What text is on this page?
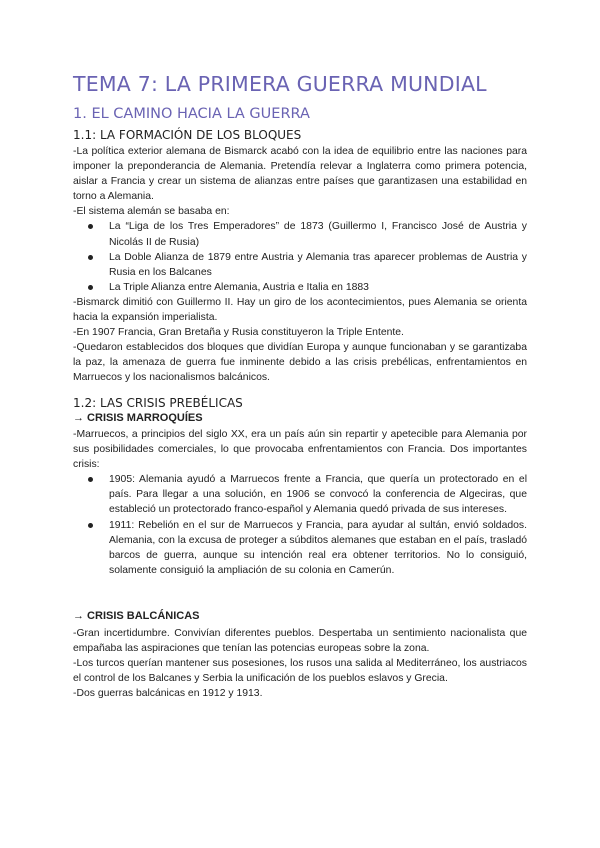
TEMA 7: LA PRIMERA GUERRA MUNDIAL
1. EL CAMINO HACIA LA GUERRA
1.1: LA FORMACIÓN DE LOS BLOQUES

-La política exterior alemana de Bismarck acabó con la idea de equilibrio entre las naciones para imponer la preponderancia de Alemania. Pretendía relevar a Inglaterra como primera potencia, aislar a Francia y crear un sistema de alianzas entre países que garantizasen una estabilidad en torno a Alemania.

-El sistema alemán se basaba en:

La “Liga de los Tres Emperadores” de 1873 (Guillermo I, Francisco José de Austria y Nicolás II de Rusia)
La Doble Alianza de 1879 entre Austria y Alemania tras aparecer problemas de Austria y Rusia en los Balcanes
La Triple Alianza entre Alemania, Austria e Italia en 1883

-Bismarck dimitió con Guillermo II. Hay un giro de los acontecimientos, pues Alemania se orienta hacia la expansión imperialista.

-En 1907 Francia, Gran Bretaña y Rusia constituyeron la Triple Entente.

-Quedaron establecidos dos bloques que dividían Europa y aunque funcionaban y se garantizaba la paz, la amenaza de guerra fue inminente debido a las crisis prebélicas, enfrentamientos en Marruecos y los nacionalismos balcánicos.

1.2: LAS CRISIS PREBÉLICAS
→ CRISIS MARROQUÍES

-Marruecos, a principios del siglo XX, era un país aún sin repartir y apetecible para Alemania por sus posibilidades comerciales, lo que provocaba enfrentamientos con Francia. Dos importantes crisis:

1905: Alemania ayudó a Marruecos frente a Francia, que quería un protectorado en el país. Para llegar a una solución, en 1906 se convocó la conferencia de Algeciras, que estableció un protectorado franco-español y Alemania quedó privada de sus intereses.
1911: Rebelión en el sur de Marruecos y Francia, para ayudar al sultán, envió soldados. Alemania, con la excusa de proteger a súbditos alemanes que estaban en el país, trasladó barcos de guerra, aunque su intención real era obtener territorios. No lo consiguió, solamente consiguió la ampliación de su colonia en Camerún.
→ CRISIS BALCÁNICAS

-Gran incertidumbre. Convivían diferentes pueblos. Despertaba un sentimiento nacionalista que empañaba las aspiraciones que tenían las potencias europeas sobre la zona.

-Los turcos querían mantener sus posesiones, los rusos una salida al Mediterráneo, los austriacos el control de los Balcanes y Serbia la unificación de los pueblos eslavos y Grecia.

-Dos guerras balcánicas en 1912 y 1913.
